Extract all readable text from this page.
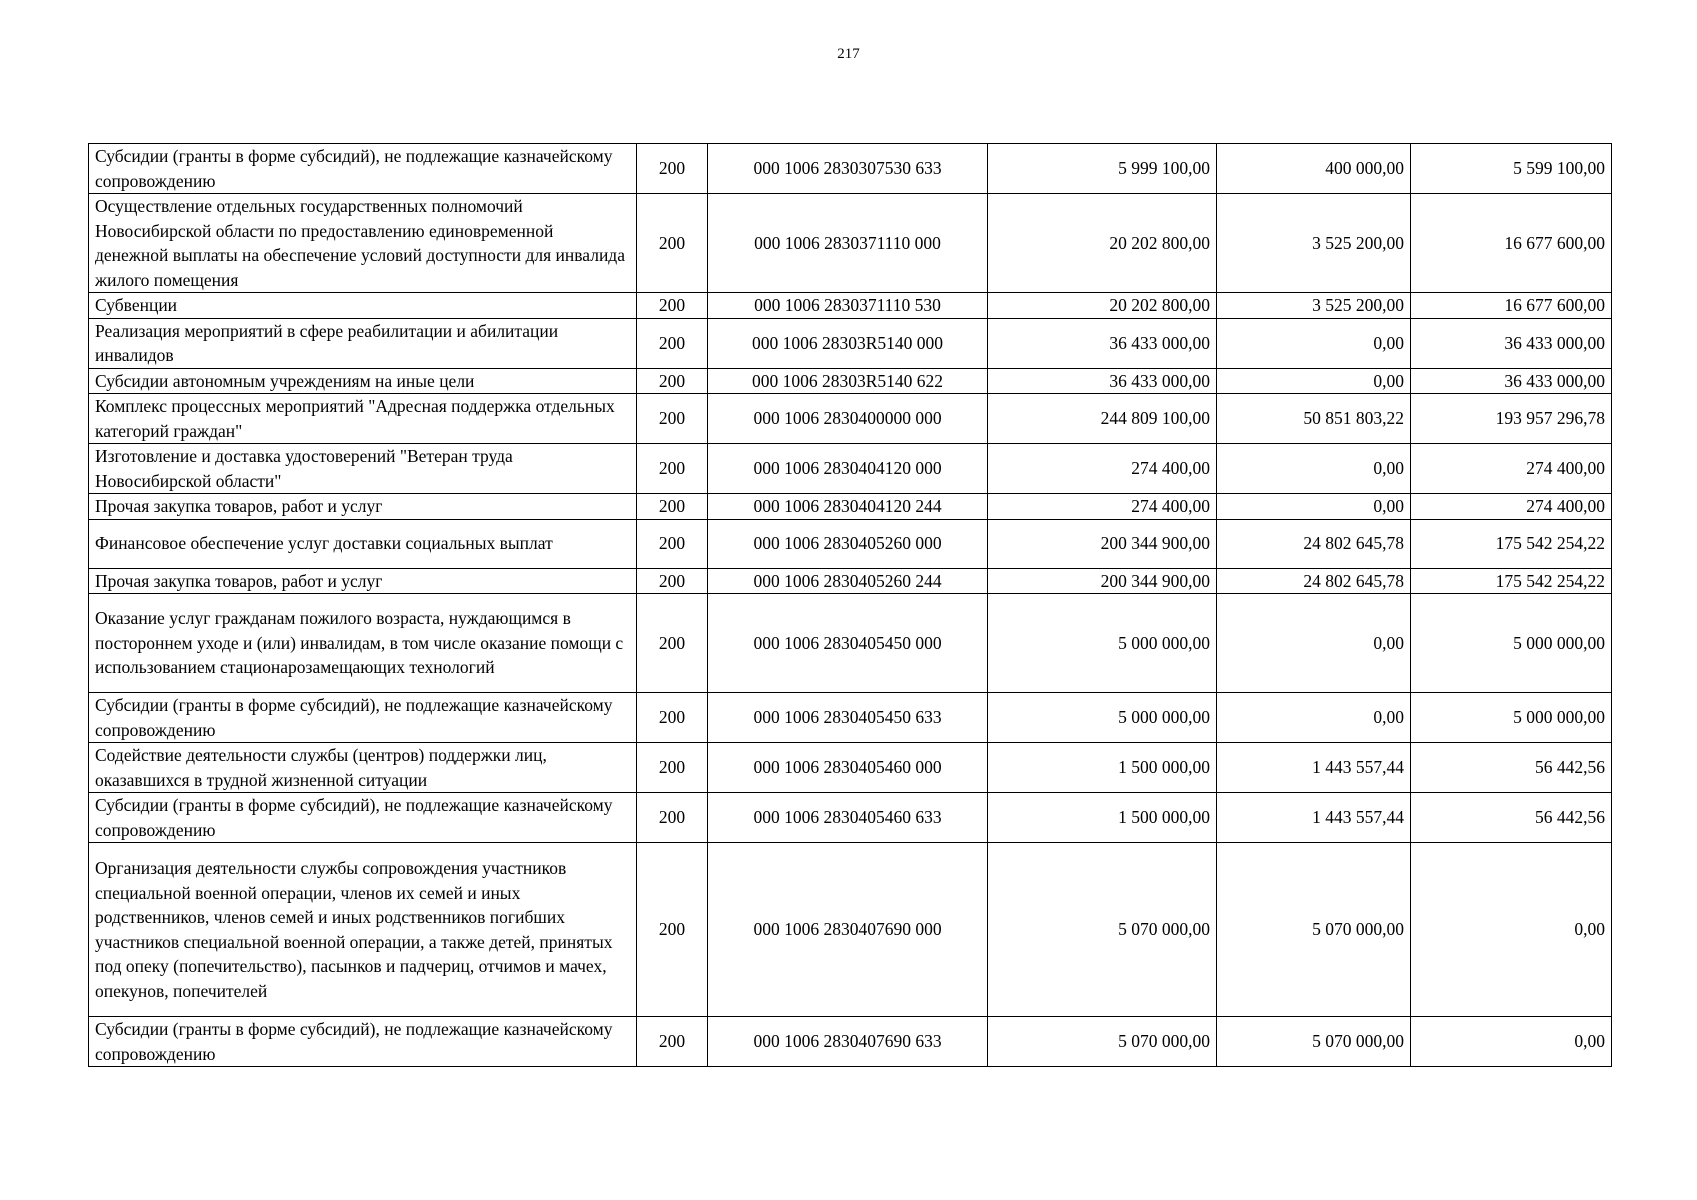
217
Субсидии (гранты в форме субсидий), не подлежащие казначейскому сопровождению	200	000 1006 2830307530 633	5 999 100,00	400 000,00	5 599 100,00
Осуществление отдельных государственных полномочий Новосибирской области по предоставлению единовременной денежной выплаты на обеспечение условий доступности для инвалида жилого помещения	200	000 1006 2830371110 000	20 202 800,00	3 525 200,00	16 677 600,00
Субвенции	200	000 1006 2830371110 530	20 202 800,00	3 525 200,00	16 677 600,00
Реализация мероприятий в сфере реабилитации и абилитации инвалидов	200	000 1006 28303R5140 000	36 433 000,00	0,00	36 433 000,00
Субсидии автономным учреждениям на иные цели	200	000 1006 28303R5140 622	36 433 000,00	0,00	36 433 000,00
Комплекс процессных мероприятий "Адресная поддержка отдельных категорий граждан"	200	000 1006 2830400000 000	244 809 100,00	50 851 803,22	193 957 296,78
Изготовление и доставка удостоверений "Ветеран труда Новосибирской области"	200	000 1006 2830404120 000	274 400,00	0,00	274 400,00
Прочая закупка товаров, работ и услуг	200	000 1006 2830404120 244	274 400,00	0,00	274 400,00
Финансовое обеспечение услуг доставки социальных выплат	200	000 1006 2830405260 000	200 344 900,00	24 802 645,78	175 542 254,22
Прочая закупка товаров, работ и услуг	200	000 1006 2830405260 244	200 344 900,00	24 802 645,78	175 542 254,22
Оказание услуг гражданам пожилого возраста, нуждающимся в постороннем уходе и (или) инвалидам, в том числе оказание помощи с использованием стационарозамещающих технологий	200	000 1006 2830405450 000	5 000 000,00	0,00	5 000 000,00
Субсидии (гранты в форме субсидий), не подлежащие казначейскому сопровождению	200	000 1006 2830405450 633	5 000 000,00	0,00	5 000 000,00
Содействие деятельности службы (центров) поддержки лиц, оказавшихся в трудной жизненной ситуации	200	000 1006 2830405460 000	1 500 000,00	1 443 557,44	56 442,56
Субсидии (гранты в форме субсидий), не подлежащие казначейскому сопровождению	200	000 1006 2830405460 633	1 500 000,00	1 443 557,44	56 442,56
Организация деятельности службы сопровождения участников специальной военной операции, членов их семей и иных родственников, членов семей и иных родственников погибших участников специальной военной операции, а также детей, принятых под опеку (попечительство), пасынков и падчериц, отчимов и мачех, опекунов, попечителей	200	000 1006 2830407690 000	5 070 000,00	5 070 000,00	0,00
Субсидии (гранты в форме субсидий), не подлежащие казначейскому сопровождению	200	000 1006 2830407690 633	5 070 000,00	5 070 000,00	0,00
